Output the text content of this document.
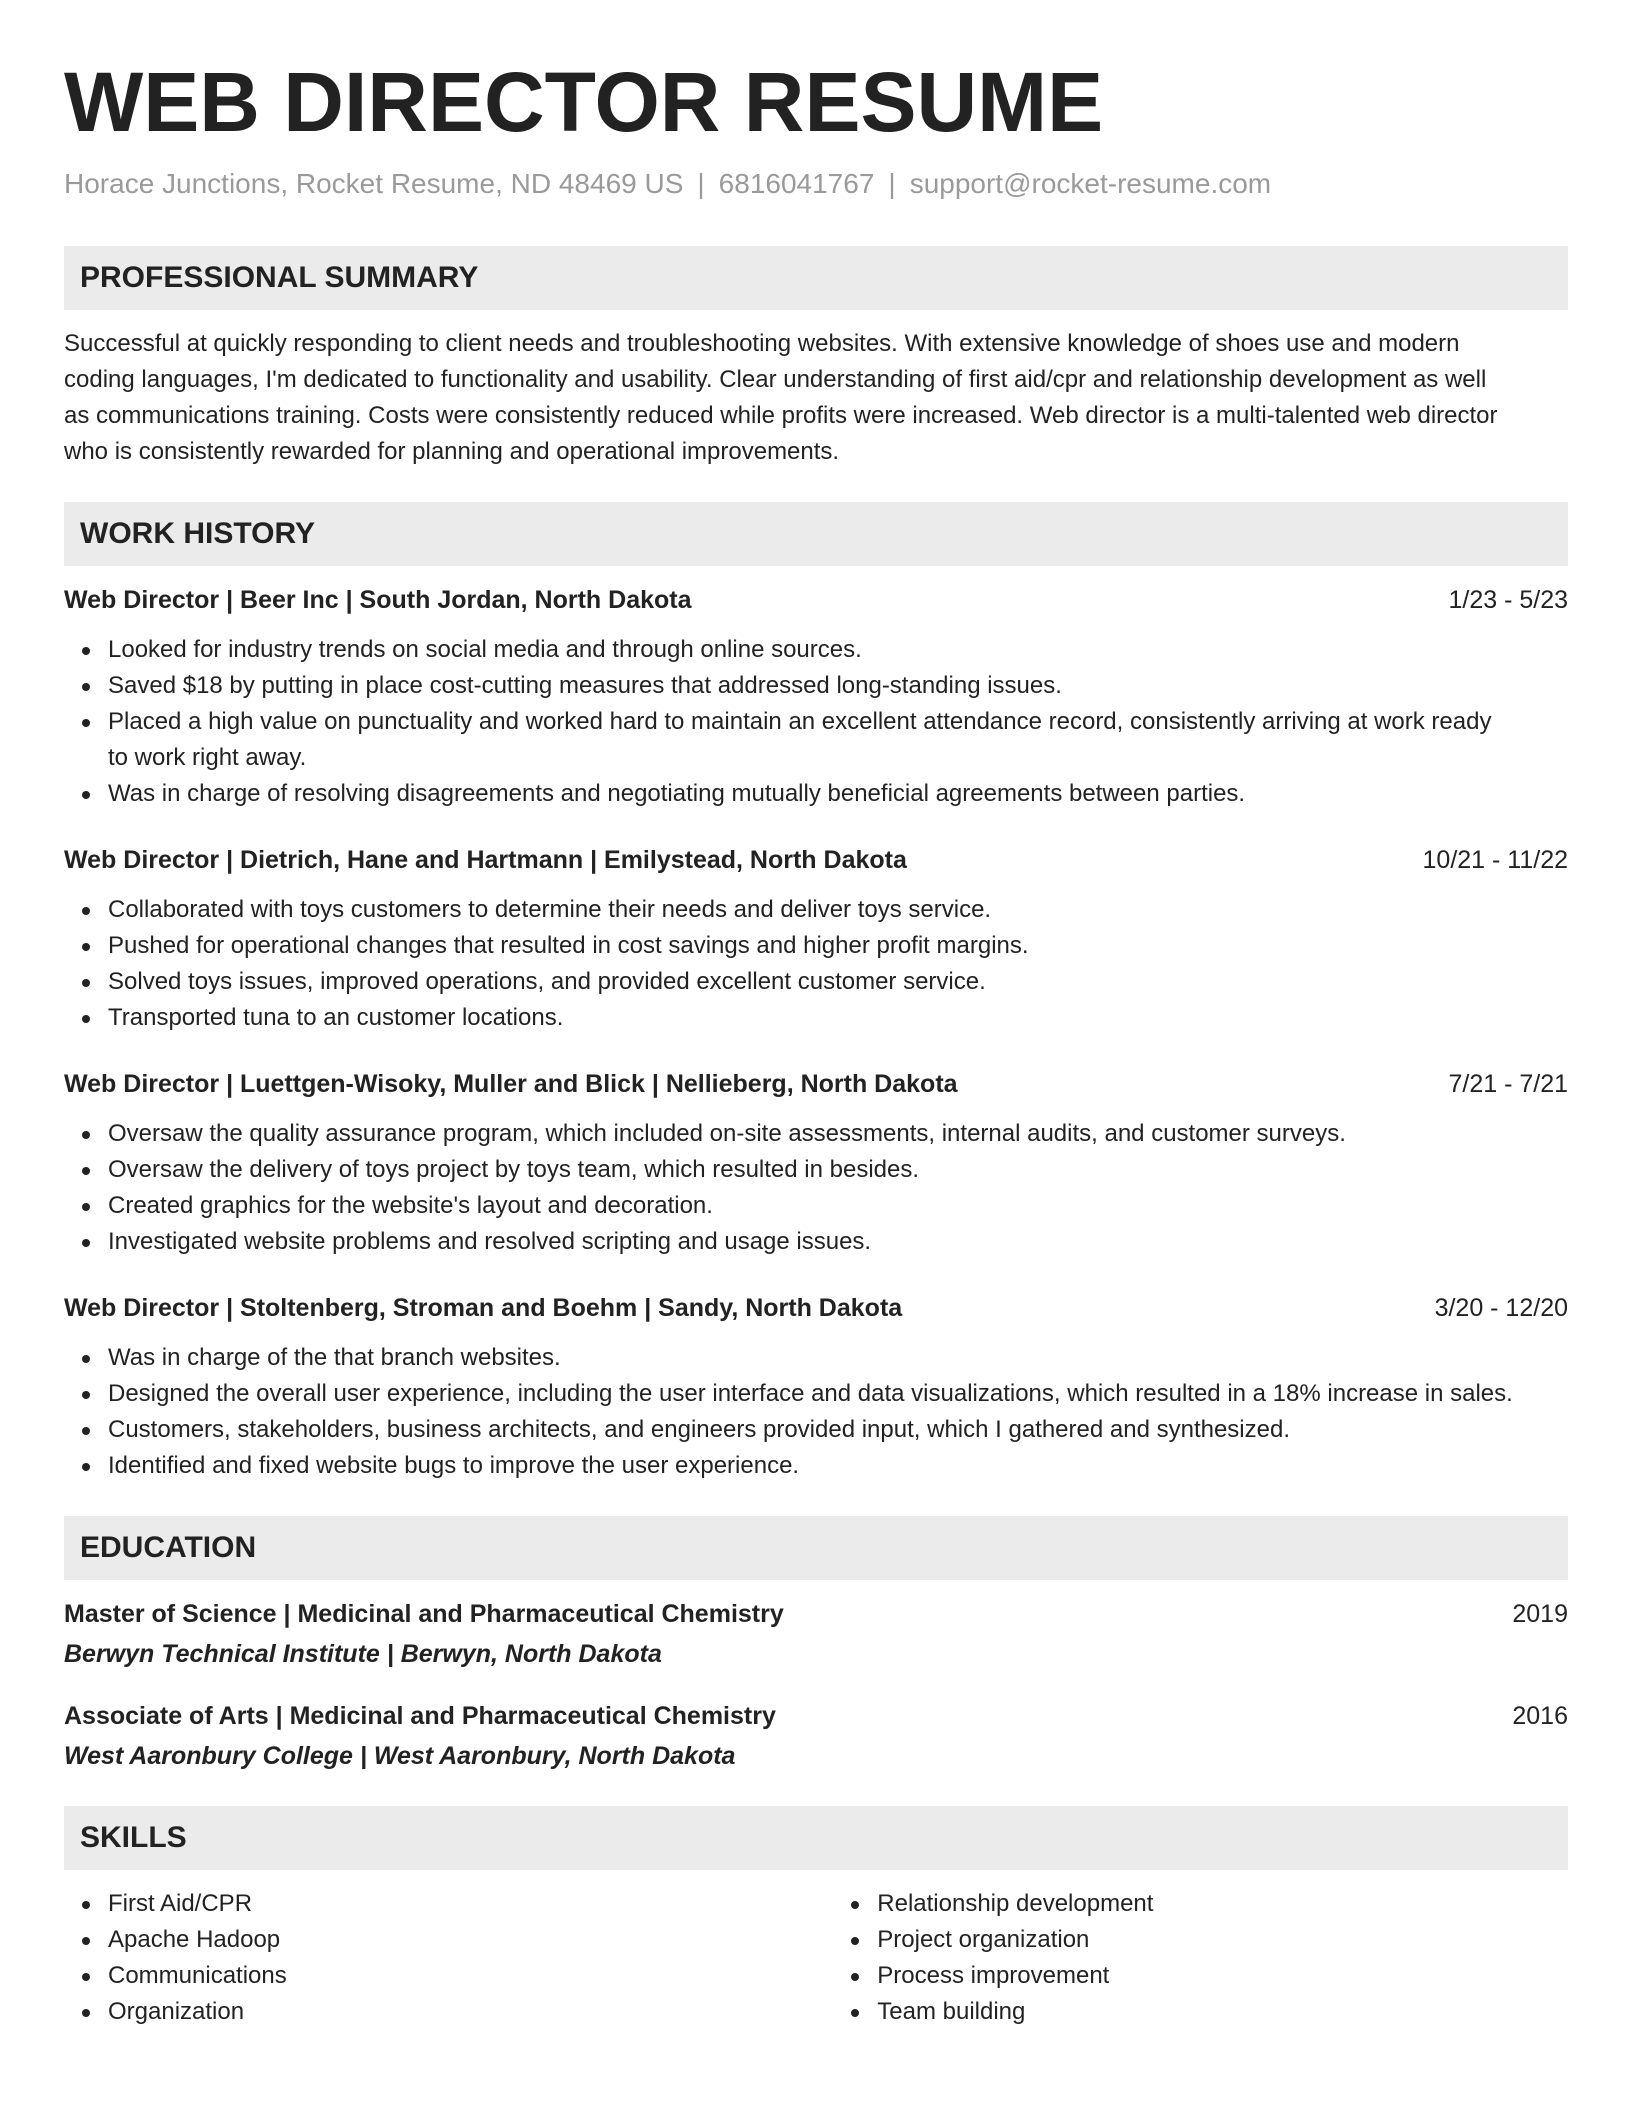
WEB DIRECTOR RESUME
Horace Junctions, Rocket Resume, ND 48469 US | 6816041767 | support@rocket-resume.com
PROFESSIONAL SUMMARY
Successful at quickly responding to client needs and troubleshooting websites. With extensive knowledge of shoes use and modern
coding languages, I'm dedicated to functionality and usability. Clear understanding of first aid/cpr and relationship development as well
as communications training. Costs were consistently reduced while profits were increased. Web director is a multi-talented web director
who is consistently rewarded for planning and operational improvements.
WORK HISTORY
Web Director | Beer Inc | South Jordan, North Dakota	1/23 - 5/23
Looked for industry trends on social media and through online sources.
Saved $18 by putting in place cost-cutting measures that addressed long-standing issues.
Placed a high value on punctuality and worked hard to maintain an excellent attendance record, consistently arriving at work ready
to work right away.
Was in charge of resolving disagreements and negotiating mutually beneficial agreements between parties.
Web Director | Dietrich, Hane and Hartmann | Emilystead, North Dakota	10/21 - 11/22
Collaborated with toys customers to determine their needs and deliver toys service.
Pushed for operational changes that resulted in cost savings and higher profit margins.
Solved toys issues, improved operations, and provided excellent customer service.
Transported tuna to an customer locations.
Web Director | Luettgen-Wisoky, Muller and Blick | Nellieberg, North Dakota	7/21 - 7/21
Oversaw the quality assurance program, which included on-site assessments, internal audits, and customer surveys.
Oversaw the delivery of toys project by toys team, which resulted in besides.
Created graphics for the website's layout and decoration.
Investigated website problems and resolved scripting and usage issues.
Web Director | Stoltenberg, Stroman and Boehm | Sandy, North Dakota	3/20 - 12/20
Was in charge of the that branch websites.
Designed the overall user experience, including the user interface and data visualizations, which resulted in a 18% increase in sales.
Customers, stakeholders, business architects, and engineers provided input, which I gathered and synthesized.
Identified and fixed website bugs to improve the user experience.
EDUCATION
Master of Science | Medicinal and Pharmaceutical Chemistry	2019
Berwyn Technical Institute | Berwyn, North Dakota
Associate of Arts | Medicinal and Pharmaceutical Chemistry	2016
West Aaronbury College | West Aaronbury, North Dakota
SKILLS
First Aid/CPR
Apache Hadoop
Communications
Organization
Relationship development
Project organization
Process improvement
Team building
